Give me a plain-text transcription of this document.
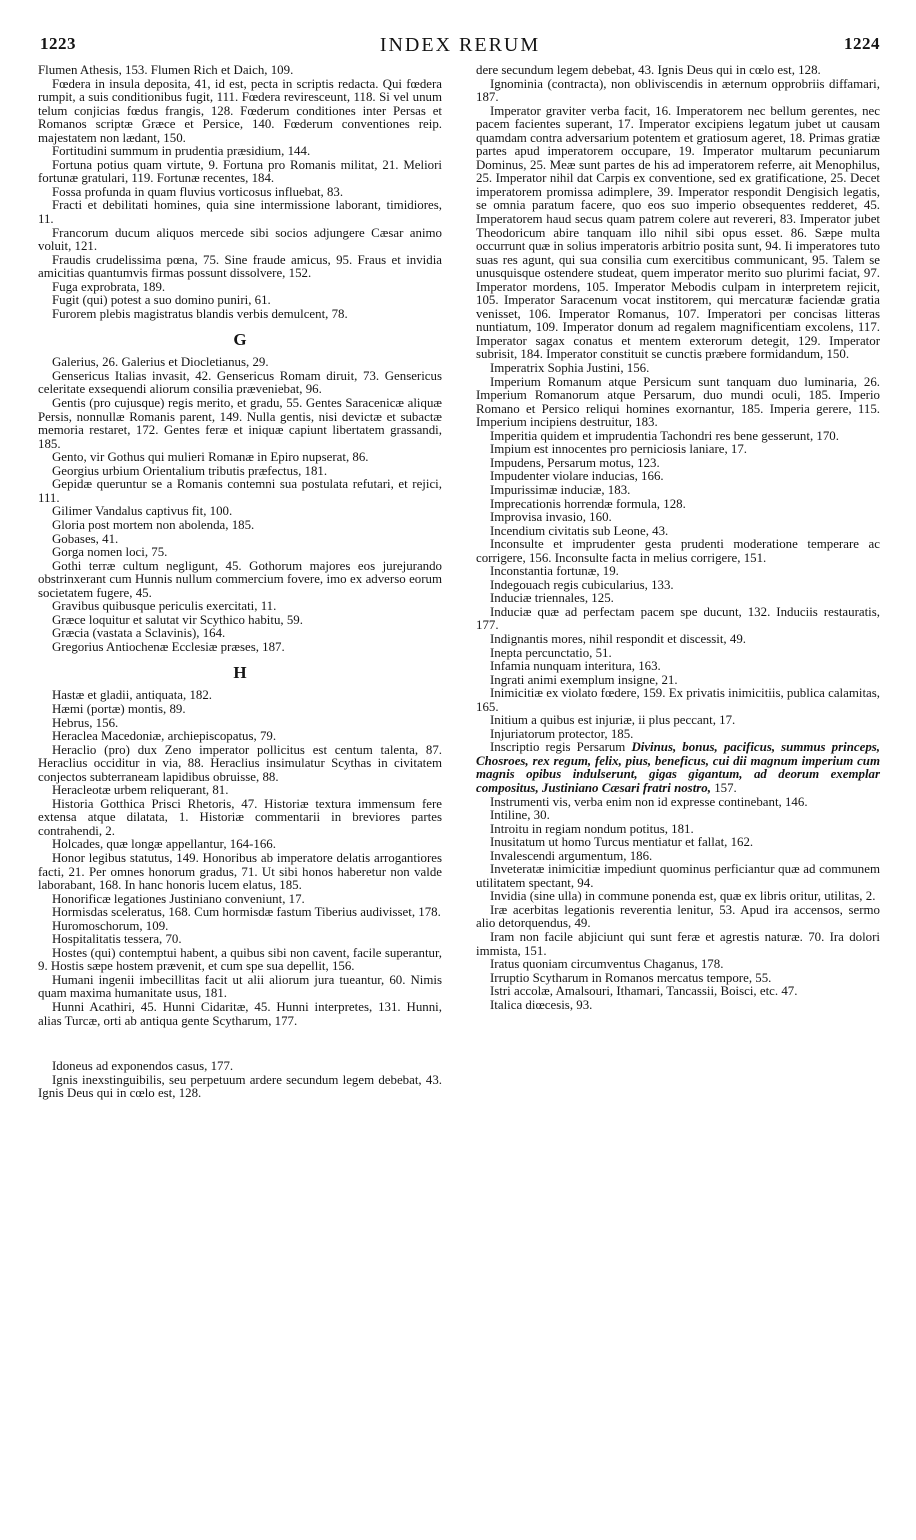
1223	INDEX RERUM	1224

Flumen Athesis, 153. Flumen Rich et Daich, 109.

Fœdera in insula deposita, 41, id est, pecta in scriptis redacta. Qui fœdera rumpit, a suis conditionibus fugit, 111. Fœdera reviresceunt, 118. Si vel unum telum conjicias fœdus frangis, 128. Fœderum conditiones inter Persas et Romanos scriptæ Græce et Persice, 140. Fœderum conventiones reip. majestatem non lædant, 150.

Fortitudini summum in prudentia præsidium, 144.

Fortuna potius quam virtute, 9. Fortuna pro Romanis militat, 21. Meliori fortunæ gratulari, 119. Fortunæ recentes, 184.

Fossa profunda in quam fluvius vorticosus influebat, 83.

Fracti et debilitati homines, quia sine intermissione laborant, timidiores, 11.

Francorum ducum aliquos mercede sibi socios adjungere Cæsar animo voluit, 121.

Fraudis crudelissima pœna, 75. Sine fraude amicus, 95. Fraus et invidia amicitias quantumvis firmas possunt dissolvere, 152.

Fuga exprobrata, 189.

Fugit (qui) potest a suo domino puniri, 61.

Furorem plebis magistratus blandis verbis demulcent, 78.

G

Galerius, 26. Galerius et Diocletianus, 29.

Gensericus Italias invasit, 42. Gensericus Romam diruit, 73. Gensericus celeritate exsequendi aliorum consilia præveniebat, 96.

Gentis (pro cujusque) regis merito, et gradu, 55. Gentes Saracenicæ aliquæ Persis, nonnullæ Romanis parent, 149. Nulla gentis, nisi devictæ et subactæ memoria restaret, 172. Gentes feræ et iniquæ capiunt libertatem grassandi, 185.

Gento, vir Gothus qui mulieri Romanæ in Epiro nupserat, 86.

Georgius urbium Orientalium tributis præfectus, 181.

Gepidæ queruntur se a Romanis contemni sua postulata refutari, et rejici, 111.

Gilimer Vandalus captivus fit, 100.

Gloria post mortem non abolenda, 185.

Gobases, 41.

Gorga nomen loci, 75.

Gothi terræ cultum negligunt, 45. Gothorum majores eos jurejurando obstrinxerant cum Hunnis nullum commercium fovere, imo ex adverso eorum societatem fugere, 45.

Gravibus quibusque periculis exercitati, 11.

Græce loquitur et salutat vir Scythico habitu, 59.

Græcia (vastata a Sclavinis), 164.

Gregorius Antiochenæ Ecclesiæ præses, 187.

H

Hastæ et gladii, antiquata, 182.

Hæmi (portæ) montis, 89.

Hebrus, 156.

Heraclea Macedoniæ, archiepiscopatus, 79.

Heraclio (pro) dux Zeno imperator pollicitus est centum talenta, 87. Heraclius occiditur in via, 88. Heraclius insimulatur Scythas in civitatem conjectos subterraneam lapidibus obruisse, 88.

Heracleotæ urbem reliquerant, 81.

Historia Gotthica Prisci Rhetoris, 47. Historiæ textura immensum fere extensa atque dilatata, 1. Historiæ commentarii in breviores partes contrahendi, 2.

Holcades, quæ longæ appellantur, 164-166.

Honor legibus statutus, 149. Honoribus ab imperatore delatis arrogantiores facti, 21. Per omnes honorum gradus, 71. Ut sibi honos haberetur non valde laborabant, 168. In hanc honoris lucem elatus, 185.

Honorificæ legationes Justiniano conveniunt, 17.

Hormisdas sceleratus, 168. Cum hormisdæ fastum Tiberius audivisset, 178.

Huromoschorum, 109.

Hospitalitatis tessera, 70.

Hostes (qui) contemptui habent, a quibus sibi non cavent, facile superantur, 9. Hostis sæpe hostem prævenit, et cum spe sua depellit, 156.

Humani ingenii imbecillitas facit ut alii aliorum jura tueantur, 60. Nimis quam maxima humanitate usus, 181.

Hunni Acathiri, 45. Hunni Cidaritæ, 45. Hunni interpretes, 131. Hunni, alias Turcæ, orti ab antiqua gente Scytharum, 177.

Idoneus ad exponendos casus, 177.

Ignis inexstinguibilis, seu perpetuum ardere secundum legem debebat, 43. Ignis Deus qui in cœlo est, 128.

dere secundum legem debebat, 43. Ignis Deus qui in cœlo est, 128.

Ignominia (contracta), non obliviscendis in æternum opprobriis diffamari, 187.

Imperator graviter verba facit, 16. Imperatorem nec bellum gerentes, nec pacem facientes superant, 17. Imperator excipiens legatum jubet ut causam quamdam contra adversarium potentem et gratiosum ageret, 18. Primas gratiæ partes apud imperatorem occupare, 19. Imperator multarum pecuniarum Dominus, 25. Meæ sunt partes de his ad imperatorem referre, ait Menophilus, 25. Imperator nihil dat Carpis ex conventione, sed ex gratificatione, 25. Decet imperatorem promissa adimplere, 39. Imperator respondit Dengisich legatis, se omnia paratum facere, quo eos suo imperio obsequentes redderet, 45. Imperatorem haud secus quam patrem colere aut revereri, 83. Imperator jubet Theodoricum abire tanquam illo nihil sibi opus esset. 86. Sæpe multa occurrunt quæ in solius imperatoris arbitrio posita sunt, 94. Ii imperatores tuto suas res agunt, qui sua consilia cum exercitibus communicant, 95. Talem se unusquisque ostendere studeat, quem imperator merito suo plurimi faciat, 97. Imperator mordens, 105. Imperator Mebodis culpam in interpretem rejicit, 105. Imperator Saracenum vocat institorem, qui mercaturæ faciendæ gratia venisset, 106. Imperator Romanus, 107. Imperatori per concisas litteras nuntiatum, 109. Imperator donum ad regalem magnificentiam excolens, 117. Imperator sagax conatus et mentem exterorum detegit, 129. Imperator subrisit, 184. Imperator constituit se cunctis præbere formidandum, 150.

Imperatrix Sophia Justini, 156.

Imperium Romanum atque Persicum sunt tanquam duo luminaria, 26. Imperium Romanorum atque Persarum, duo mundi oculi, 185. Imperio Romano et Persico reliqui homines exornantur, 185. Imperia gerere, 115. Imperium incipiens destruitur, 183.

Imperitia quidem et imprudentia Tachondri res bene gesserunt, 170.

Impium est innocentes pro perniciosis laniare, 17.

Impudens, Persarum motus, 123.

Impudenter violare inducias, 166.

Impurissimæ induciæ, 183.

Imprecationis horrendæ formula, 128.

Improvisa invasio, 160.

Incendium civitatis sub Leone, 43.

Inconsulte et imprudenter gesta prudenti moderatione temperare ac corrigere, 156. Inconsulte facta in melius corrigere, 151.

Inconstantia fortunæ, 19.

Indegouach regis cubicularius, 133.

Induciæ triennales, 125.

Induciæ quæ ad perfectam pacem spe ducunt, 132. Induciis restauratis, 177.

Indignantis mores, nihil respondit et discessit, 49.

Inepta percunctatio, 51.

Infamia nunquam interitura, 163.

Ingrati animi exemplum insigne, 21.

Inimicitiæ ex violato fœdere, 159. Ex privatis inimicitiis, publica calamitas, 165.

Initium a quibus est injuriæ, ii plus peccant, 17.

Injuriatorum protector, 185.

Inscriptio regis Persarum Divinus, bonus, pacificus, summus princeps, Chosroes, rex regum, felix, pius, beneficus, cui dii magnum imperium cum magnis opibus indulserunt, gigas gigantum, ad deorum exemplar compositus, Justiniano Cæsari fratri nostro, 157.

Instrumenti vis, verba enim non id expresse continebant, 146.

Intiline, 30.

Introitu in regiam nondum potitus, 181.

Inusitatum ut homo Turcus mentiatur et fallat, 162.

Invalescendi argumentum, 186.

Inveteratæ inimicitiæ impediunt quominus perficiantur quæ ad communem utilitatem spectant, 94.

Invidia (sine ulla) in commune ponenda est, quæ ex libris oritur, utilitas, 2.

Iræ acerbitas legationis reverentia lenitur, 53. Apud ira accensos, sermo alio detorquendus, 49.

Iram non facile abjiciunt qui sunt feræ et agrestis naturæ. 70. Ira dolori immista, 151.

Iratus quoniam circumventus Chaganus, 178.

Irruptio Scytharum in Romanos mercatus tempore, 55.

Istri accolæ, Amalsouri, Ithamari, Tancassii, Boisci, etc. 47.

Italica diœcesis, 93.
